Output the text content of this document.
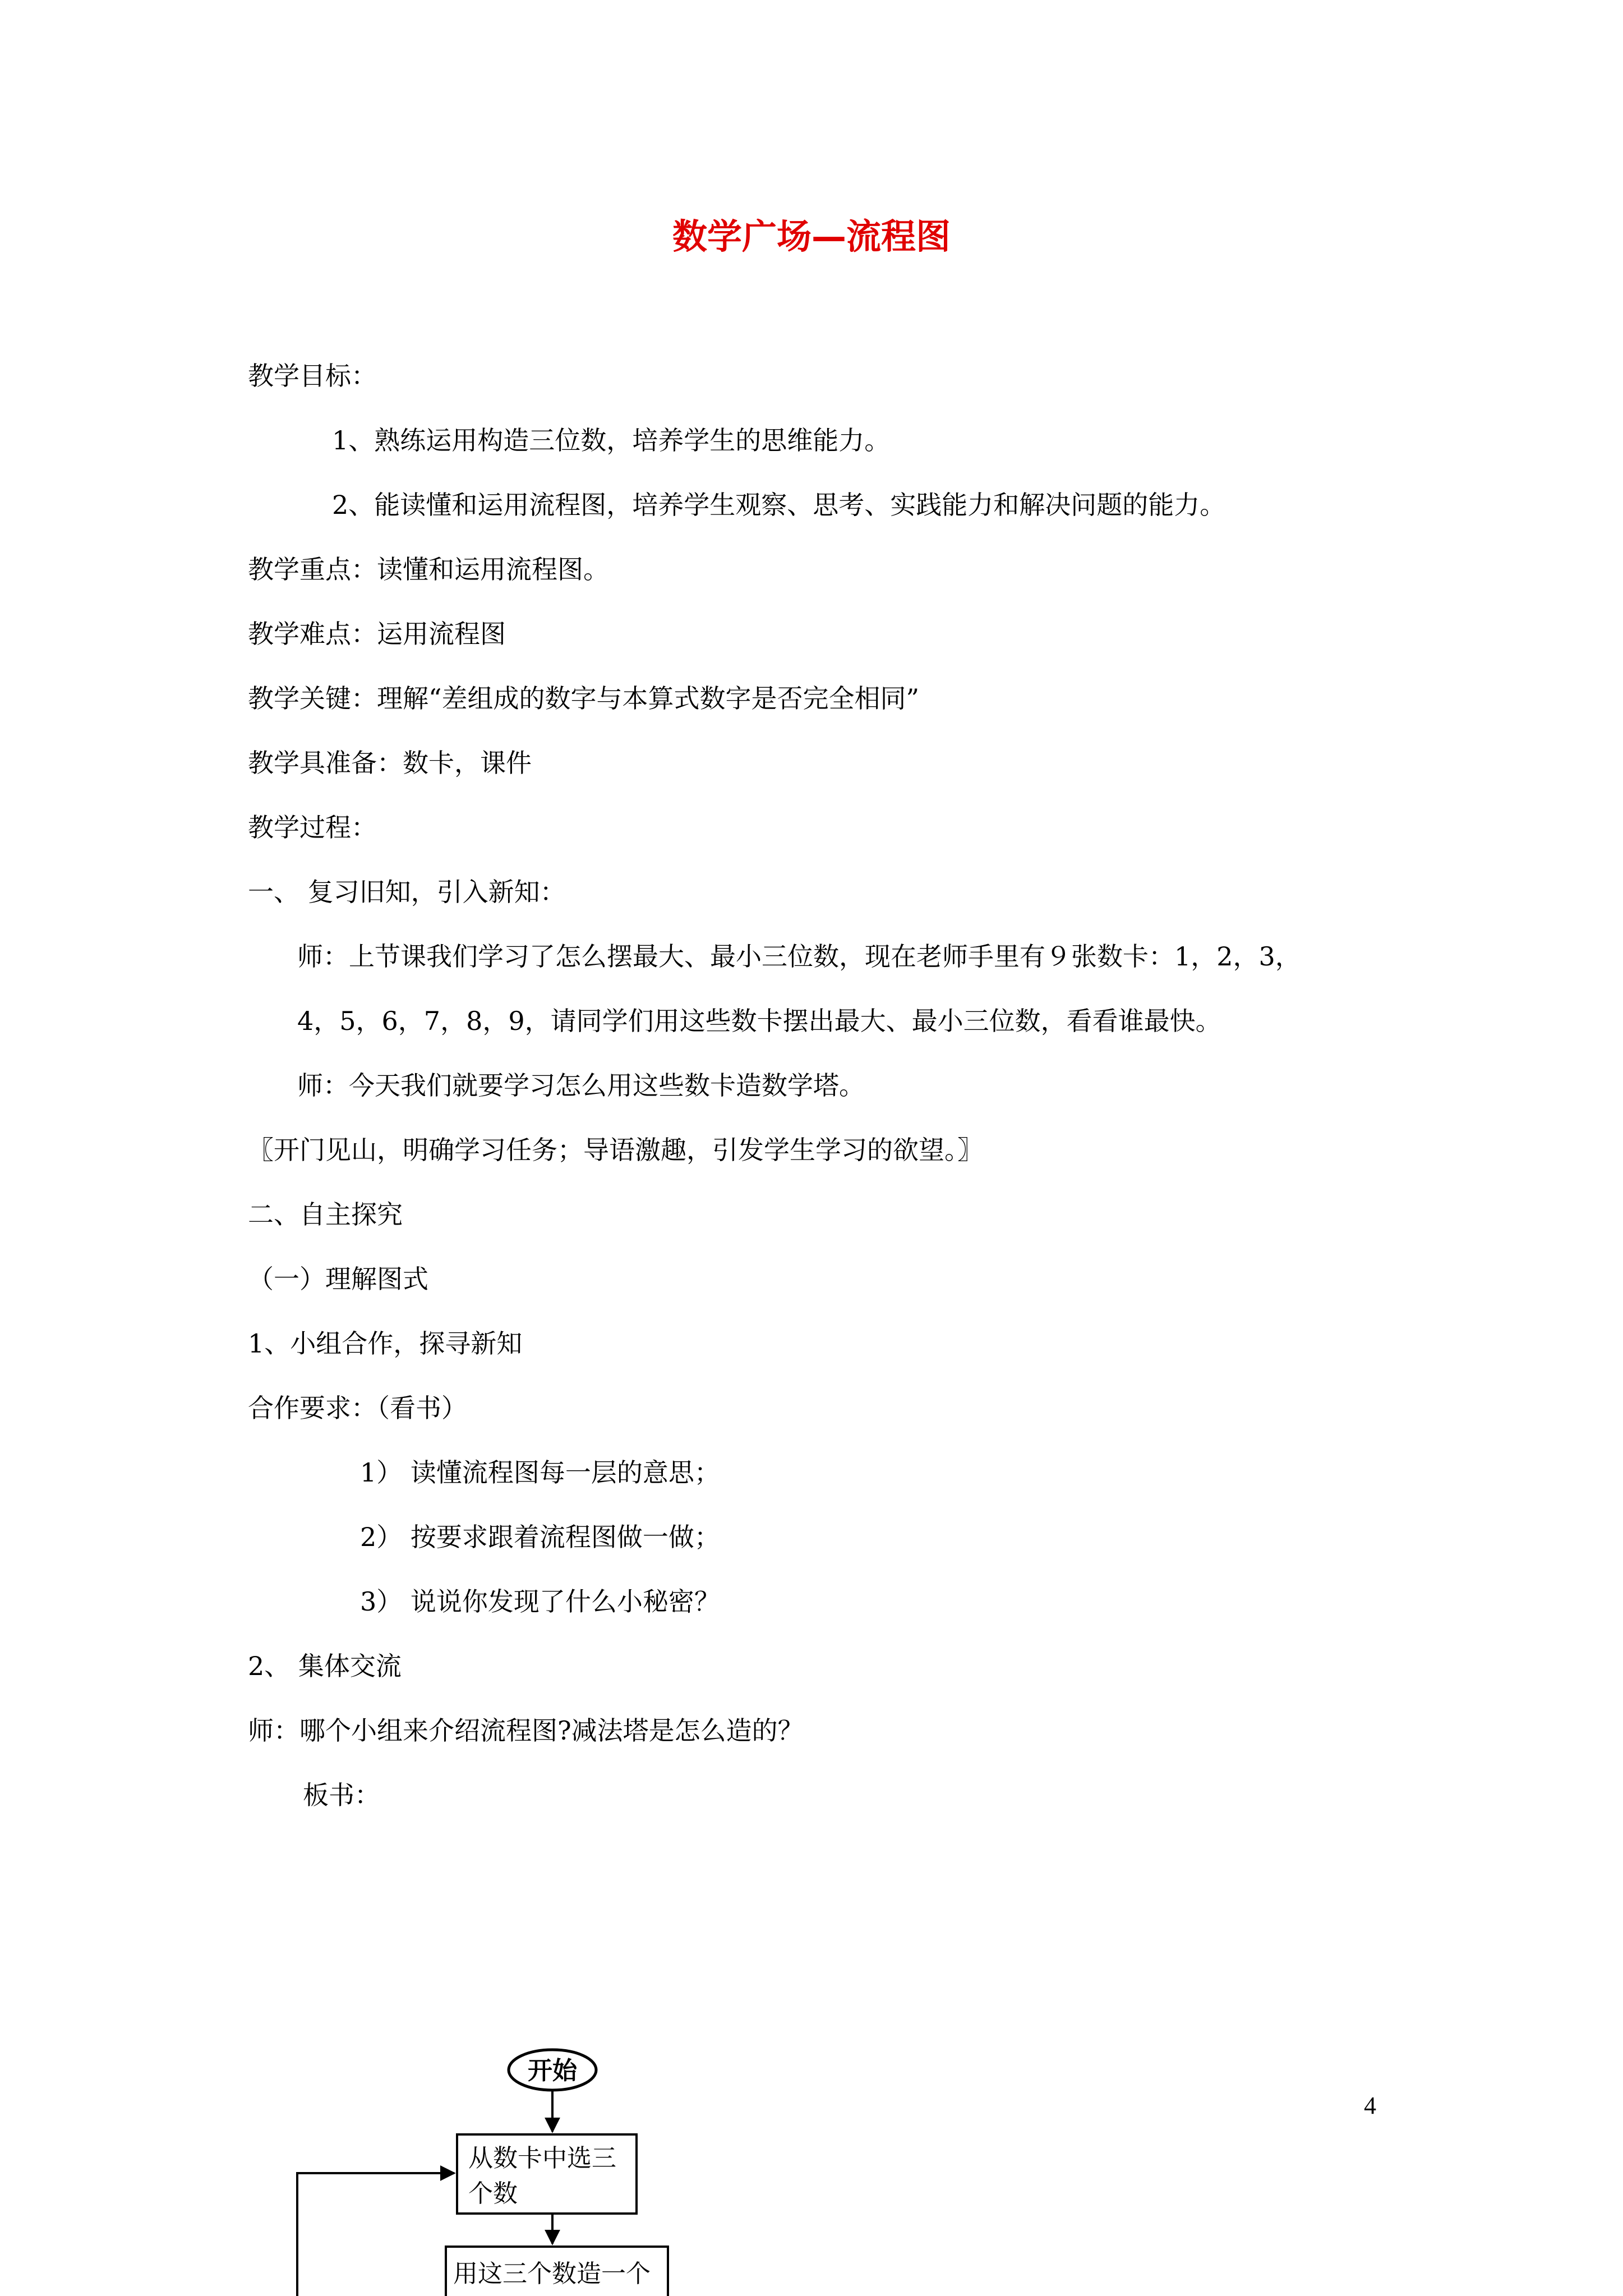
数学广场—流程图
教学目标：
1、熟练运用构造三位数，培养学生的思维能力。
2、能读懂和运用流程图，培养学生观察、思考、实践能力和解决问题的能力。
教学重点：读懂和运用流程图。
教学难点：运用流程图
教学关键：理解“差组成的数字与本算式数字是否完全相同”
教学具准备：数卡，课件
教学过程：
一、 复习旧知，引入新知：
师：上节课我们学习了怎么摆最大、最小三位数，现在老师手里有９张数卡：1，2，3，
4，5，6，7，8，9，请同学们用这些数卡摆出最大、最小三位数，看看谁最快。
师：今天我们就要学习怎么用这些数卡造数学塔。
〖开门见山，明确学习任务；导语激趣，引发学生学习的欲望。〗
二、自主探究
（一）理解图式
1、小组合作，探寻新知
合作要求：（看书）
1） 读懂流程图每一层的意思；
2） 按要求跟着流程图做一做；
3） 说说你发现了什么小秘密？
2、 集体交流
师：哪个小组来介绍流程图?减法塔是怎么造的？
板书：
开始
从数卡中选三
个数
用这三个数造一个
4
